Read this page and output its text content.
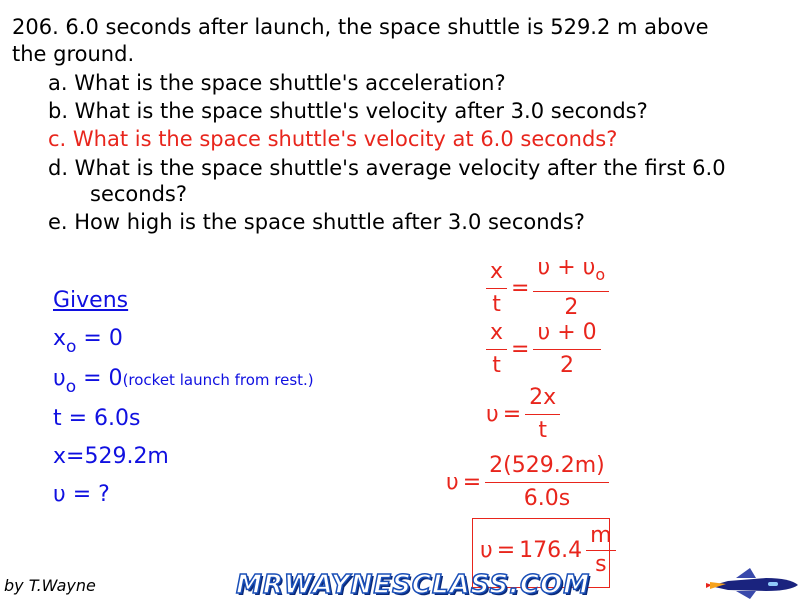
206. 6.0 seconds after launch, the space shuttle is 529.2 m above

the ground.

a. What is the space shuttle's acceleration?
b. What is the space shuttle's velocity after 3.0 seconds?
c. What is the space shuttle's velocity at 6.0 seconds?
d. What is the space shuttle's average velocity after the first 6.0
seconds?
e. How high is the space shuttle after 3.0 seconds?
Givens
$x_o = 0$
$\upsilon_o$ = 0(rocket launch from rest.)
t = 6.0s
x=529.2m
υ = ?
$\frac{x}{t} = \frac{\upsilon + \upsilon_o}{2}$
$\frac{x}{t} = \frac{\upsilon + 0}{2}$
$\upsilon = \frac{2x}{t}$
$\upsilon = \frac{2(529.2m)}{6.0s}$
$\upsilon = 176.4 \frac{m}{s}$
by T.Wayne	MRWAYNESCLASS.COM
